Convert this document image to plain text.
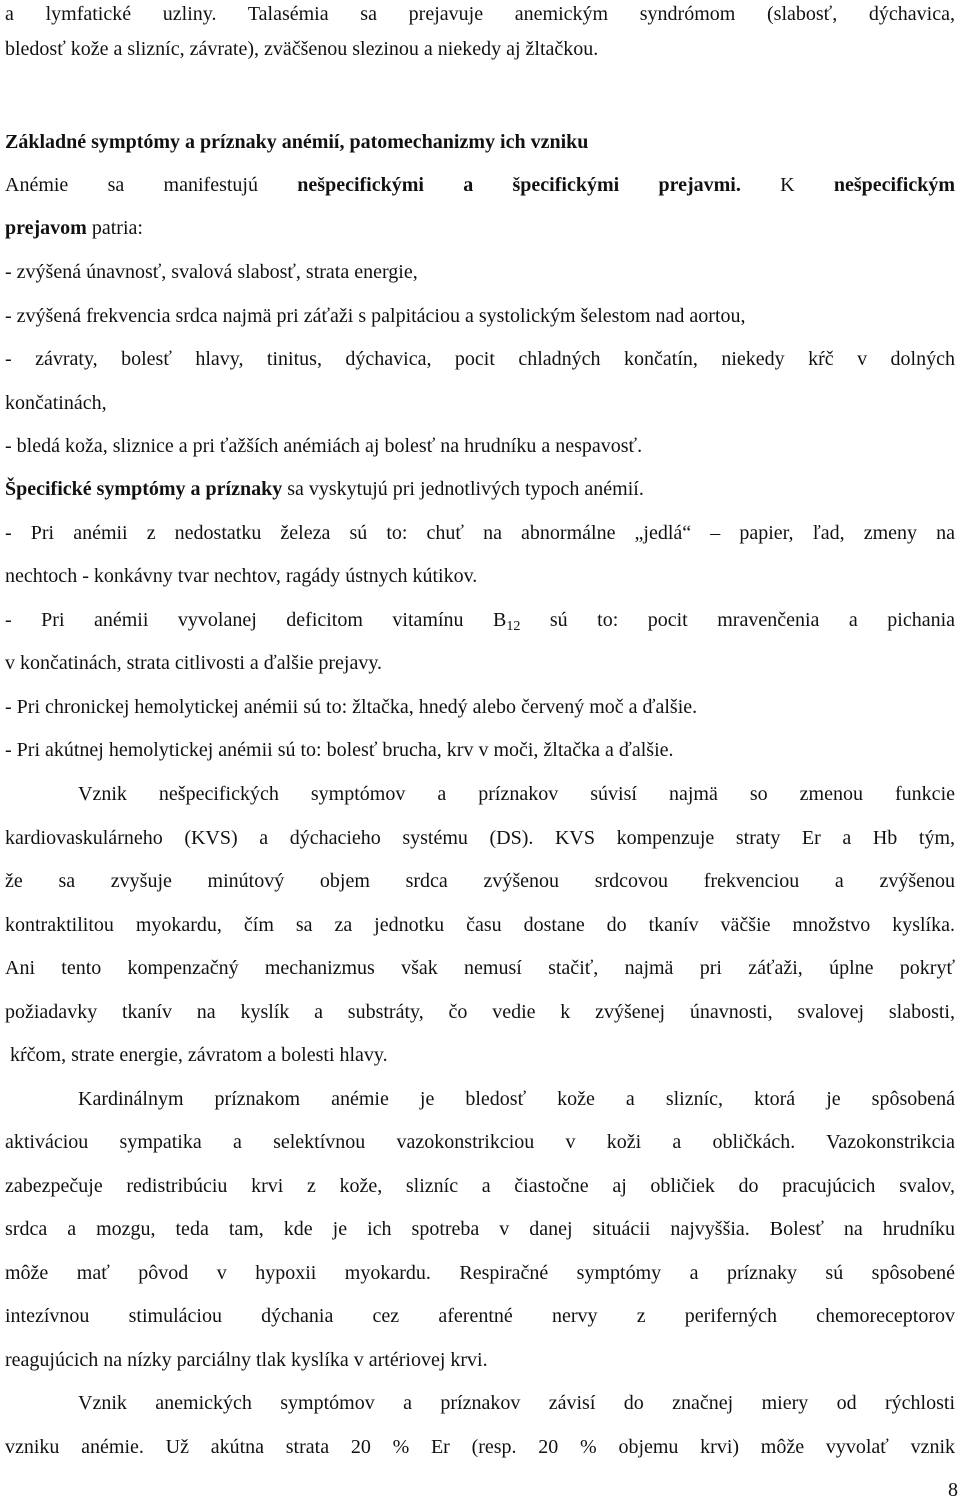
a lymfatické uzliny. Talasémia sa prejavuje anemickým syndrómom (slabosť, dýchavica,
bledosť kože a slizníc, závrate), zväčšenou slezinou a niekedy aj žltačkou.
Základné symptómy a príznaky anémií, patomechanizmy ich vzniku
Anémie sa manifestujú nešpecifickými a špecifickými prejavmi. K nešpecifickým
prejavom patria:
- zvýšená únavnosť, svalová slabosť, strata energie,
- zvýšená frekvencia srdca najmä pri záťaži s palpitáciou a systolickým šelestom nad aortou,
- závraty, bolesť hlavy, tinitus, dýchavica, pocit chladných končatín, niekedy kŕč v dolných
končatinách,
- bledá koža, sliznice a pri ťažších anémiách aj bolesť na hrudníku a nespavosť.
Špecifické symptómy a príznaky sa vyskytujú pri jednotlivých typoch anémií.
- Pri anémii z nedostatku železa sú to: chuť na abnormálne „jedlá“ – papier, ľad, zmeny na
nechtoch - konkávny tvar nechtov, ragády ústnych kútikov.
- Pri anémii vyvolanej deficitom vitamínu $B_{12}$ sú to: pocit mravenčenia a pichania
v končatinách, strata citlivosti a ďalšie prejavy.
- Pri chronickej hemolytickej anémii sú to: žltačka, hnedý alebo červený moč a ďalšie.
- Pri akútnej hemolytickej anémii sú to: bolesť brucha, krv v moči, žltačka a ďalšie.
Vznik nešpecifických symptómov a príznakov súvisí najmä so zmenou funkcie
kardiovaskulárneho (KVS) a dýchacieho systému (DS). KVS kompenzuje straty Er a Hb tým,
že sa zvyšuje minútový objem srdca zvýšenou srdcovou frekvenciou a zvýšenou
kontraktilitou myokardu, čím sa za jednotku času dostane do tkanív väčšie množstvo kyslíka.
Ani tento kompenzačný mechanizmus však nemusí stačiť, najmä pri záťaži, úplne pokryť
požiadavky tkanív na kyslík a substráty, čo vedie k zvýšenej únavnosti, svalovej slabosti,
kŕčom, strate energie, závratom a bolesti hlavy.
Kardinálnym príznakom anémie je bledosť kože a slizníc, ktorá je spôsobená
aktiváciou sympatika a selektívnou vazokonstrikciou v koži a obličkách. Vazokonstrikcia
zabezpečuje redistribúciu krvi z kože, slizníc a čiastočne aj obličiek do pracujúcich svalov,
srdca a mozgu, teda tam, kde je ich spotreba v danej situácii najvyššia. Bolesť na hrudníku
môže mať pôvod v hypoxii myokardu. Respiračné symptómy a príznaky sú spôsobené
intezívnou stimuláciou dýchania cez aferentné nervy z periferných chemoreceptorov
reagujúcich na nízky parciálny tlak kyslíka v artériovej krvi.
Vznik anemických symptómov a príznakov závisí do značnej miery od rýchlosti
vzniku anémie. Už akútna strata 20 % Er (resp. 20 % objemu krvi) môže vyvolať vznik
8
